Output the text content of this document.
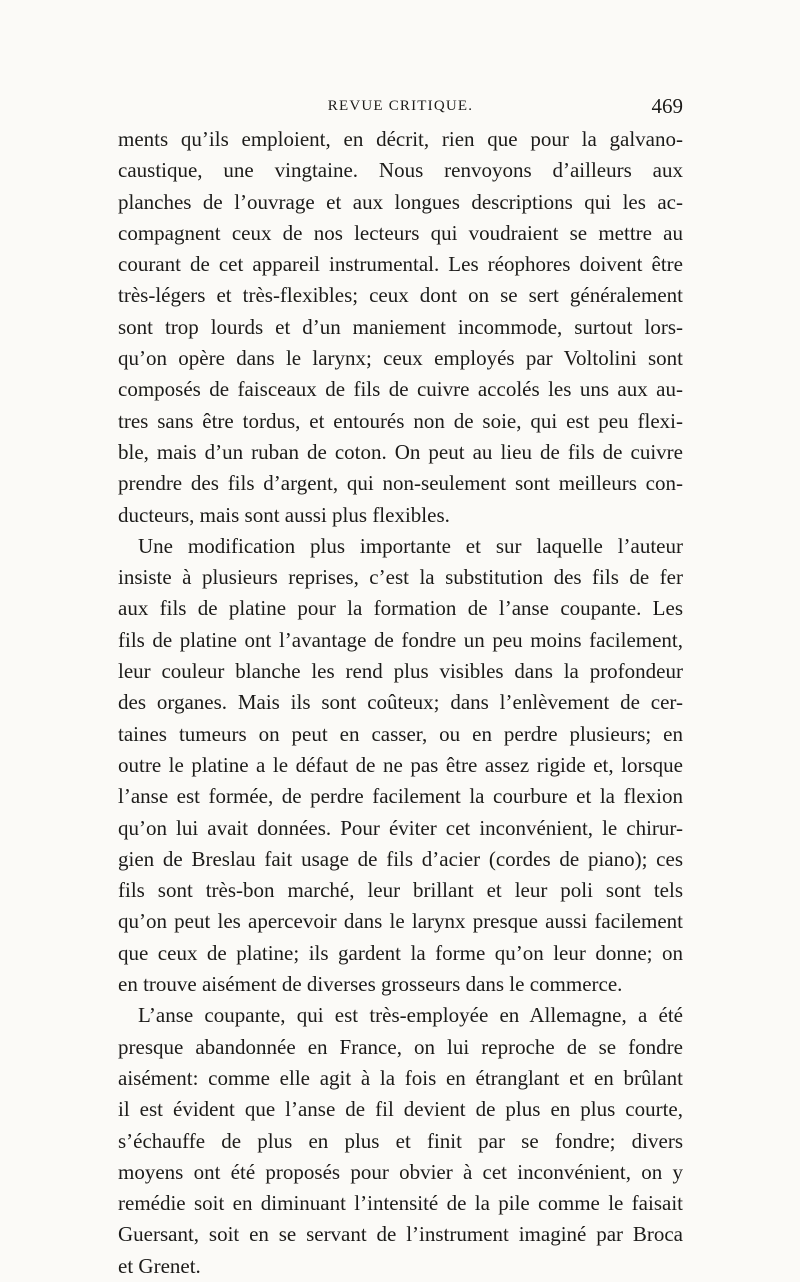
REVUE CRITIQUE.	469

ments qu’ils emploient, en décrit, rien que pour la galvano-
caustique, une vingtaine. Nous renvoyons d’ailleurs aux
planches de l’ouvrage et aux longues descriptions qui les ac-
compagnent ceux de nos lecteurs qui voudraient se mettre au
courant de cet appareil instrumental. Les réophores doivent être
très-légers et très-flexibles; ceux dont on se sert généralement
sont trop lourds et d’un maniement incommode, surtout lors-
qu’on opère dans le larynx; ceux employés par Voltolini sont
composés de faisceaux de fils de cuivre accolés les uns aux au-
tres sans être tordus, et entourés non de soie, qui est peu flexi-
ble, mais d’un ruban de coton. On peut au lieu de fils de cuivre
prendre des fils d’argent, qui non-seulement sont meilleurs con-
ducteurs, mais sont aussi plus flexibles.

Une modification plus importante et sur laquelle l’auteur
insiste à plusieurs reprises, c’est la substitution des fils de fer
aux fils de platine pour la formation de l’anse coupante. Les
fils de platine ont l’avantage de fondre un peu moins facilement,
leur couleur blanche les rend plus visibles dans la profondeur
des organes. Mais ils sont coûteux; dans l’enlèvement de cer-
taines tumeurs on peut en casser, ou en perdre plusieurs; en
outre le platine a le défaut de ne pas être assez rigide et, lorsque
l’anse est formée, de perdre facilement la courbure et la flexion
qu’on lui avait données. Pour éviter cet inconvénient, le chirur-
gien de Breslau fait usage de fils d’acier (cordes de piano); ces
fils sont très-bon marché, leur brillant et leur poli sont tels
qu’on peut les apercevoir dans le larynx presque aussi facilement
que ceux de platine; ils gardent la forme qu’on leur donne; on
en trouve aisément de diverses grosseurs dans le commerce.

L’anse coupante, qui est très-employée en Allemagne, a été
presque abandonnée en France, on lui reproche de se fondre
aisément: comme elle agit à la fois en étranglant et en brûlant
il est évident que l’anse de fil devient de plus en plus courte,
s’échauffe de plus en plus et finit par se fondre; divers
moyens ont été proposés pour obvier à cet inconvénient, on y
remédie soit en diminuant l’intensité de la pile comme le faisait
Guersant, soit en se servant de l’instrument imaginé par Broca
et Grenet.
